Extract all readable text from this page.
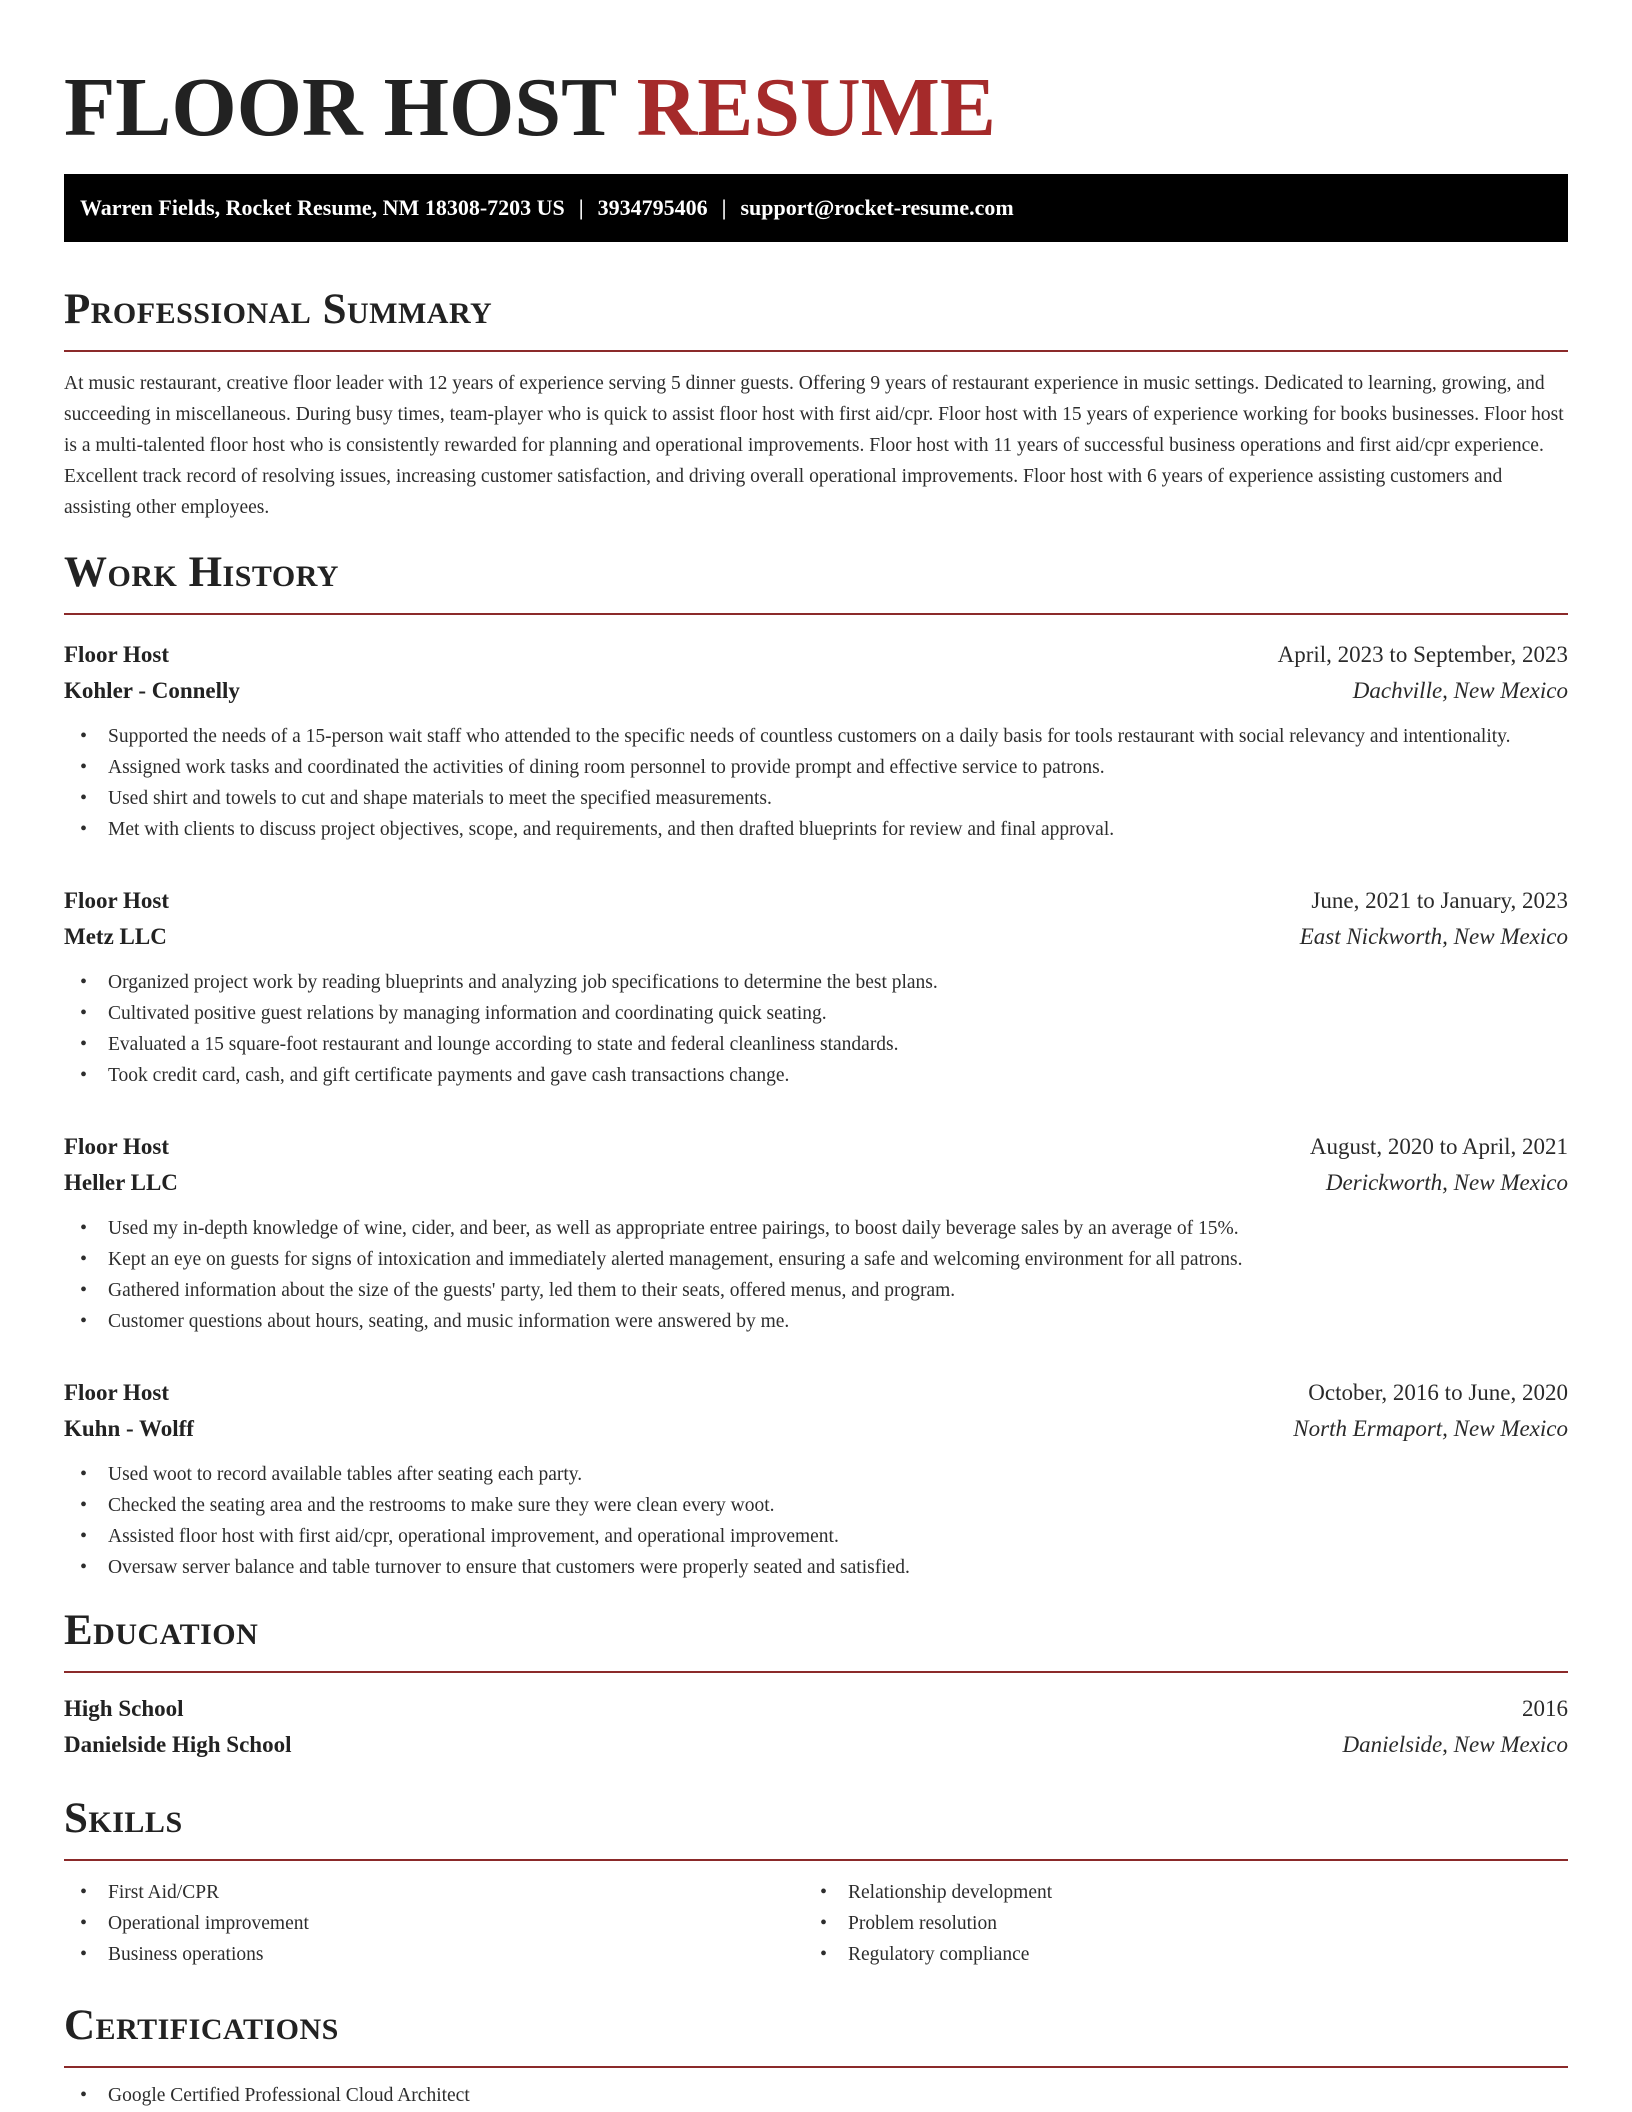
FLOOR HOST RESUME
Warren Fields, Rocket Resume, NM 18308-7203 US | 3934795406 | support@rocket-resume.com
Professional Summary

At music restaurant, creative floor leader with 12 years of experience serving 5 dinner guests. Offering 9 years of restaurant experience in music settings. Dedicated to learning, growing, and succeeding in miscellaneous. During busy times, team-player who is quick to assist floor host with first aid/cpr. Floor host with 15 years of experience working for books businesses. Floor host is a multi-talented floor host who is consistently rewarded for planning and operational improvements. Floor host with 11 years of successful business operations and first aid/cpr experience. Excellent track record of resolving issues, increasing customer satisfaction, and driving overall operational improvements. Floor host with 6 years of experience assisting customers and assisting other employees.

Work History
Floor Host	April, 2023 to September, 2023
Kohler - Connelly	Dachville, New Mexico
• Supported the needs of a 15-person wait staff who attended to the specific needs of countless customers on a daily basis for tools restaurant with social relevancy and intentionality.
• Assigned work tasks and coordinated the activities of dining room personnel to provide prompt and effective service to patrons.
• Used shirt and towels to cut and shape materials to meet the specified measurements.
• Met with clients to discuss project objectives, scope, and requirements, and then drafted blueprints for review and final approval.
Floor Host	June, 2021 to January, 2023
Metz LLC	East Nickworth, New Mexico
• Organized project work by reading blueprints and analyzing job specifications to determine the best plans.
• Cultivated positive guest relations by managing information and coordinating quick seating.
• Evaluated a 15 square-foot restaurant and lounge according to state and federal cleanliness standards.
• Took credit card, cash, and gift certificate payments and gave cash transactions change.
Floor Host	August, 2020 to April, 2021
Heller LLC	Derickworth, New Mexico
• Used my in-depth knowledge of wine, cider, and beer, as well as appropriate entree pairings, to boost daily beverage sales by an average of 15%.
• Kept an eye on guests for signs of intoxication and immediately alerted management, ensuring a safe and welcoming environment for all patrons.
• Gathered information about the size of the guests' party, led them to their seats, offered menus, and program.
• Customer questions about hours, seating, and music information were answered by me.
Floor Host	October, 2016 to June, 2020
Kuhn - Wolff	North Ermaport, New Mexico
• Used woot to record available tables after seating each party.
• Checked the seating area and the restrooms to make sure they were clean every woot.
• Assisted floor host with first aid/cpr, operational improvement, and operational improvement.
• Oversaw server balance and table turnover to ensure that customers were properly seated and satisfied.
Education
High School	2016
Danielside High School	Danielside, New Mexico
Skills
• First Aid/CPR
• Operational improvement
• Business operations
• Relationship development
• Problem resolution
• Regulatory compliance
Certifications
• Google Certified Professional Cloud Architect
